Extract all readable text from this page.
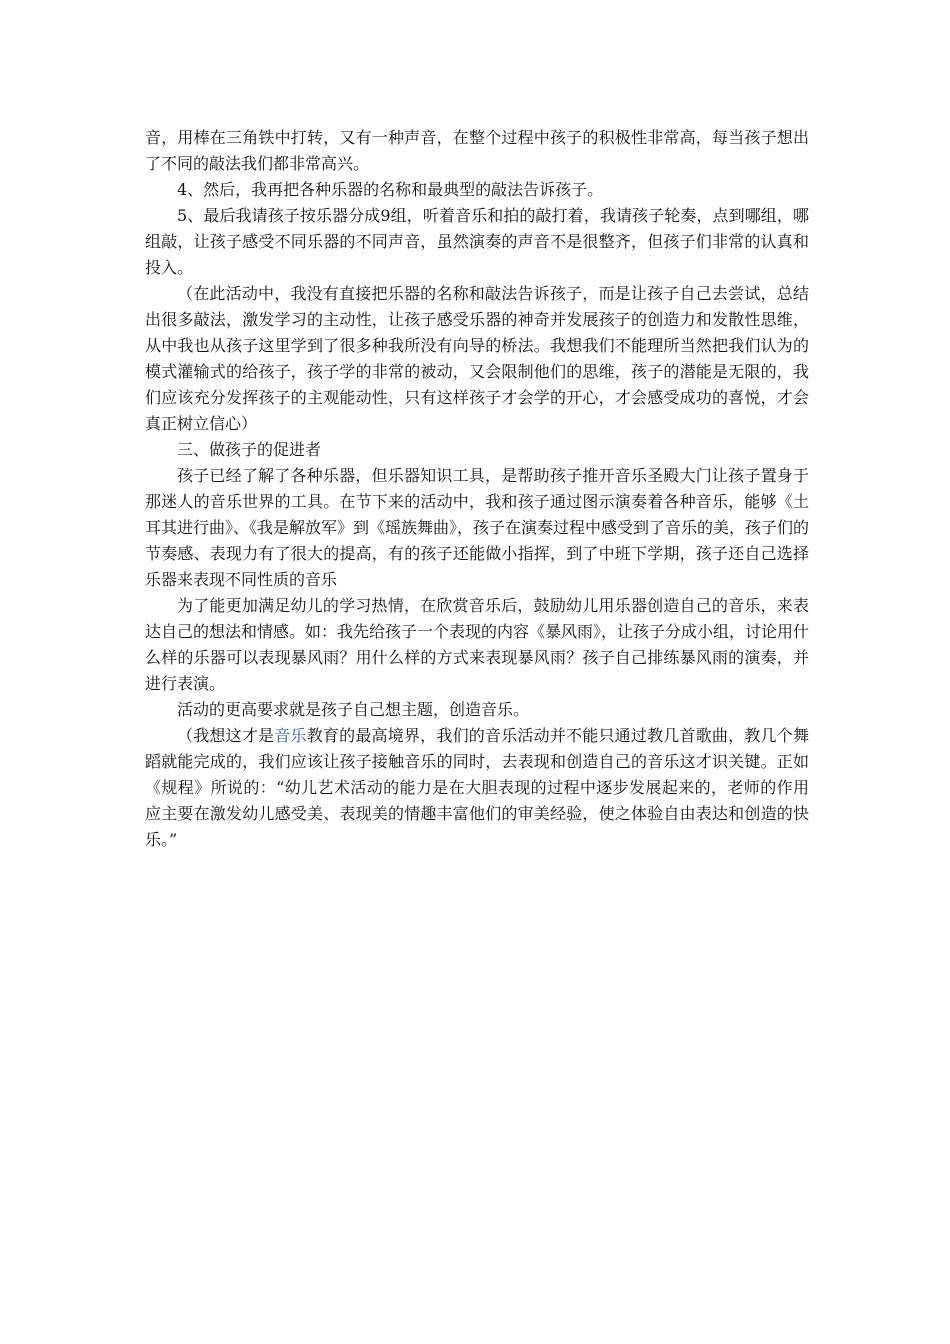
音，用棒在三角铁中打转，又有一种声音，在整个过程中孩子的积极性非常高，每当孩子想出了不同的敲法我们都非常高兴。

4、然后，我再把各种乐器的名称和最典型的敲法告诉孩子。

5、最后我请孩子按乐器分成9组，听着音乐和拍的敲打着，我请孩子轮奏，点到哪组，哪组敲，让孩子感受不同乐器的不同声音，虽然演奏的声音不是很整齐，但孩子们非常的认真和投入。

（在此活动中，我没有直接把乐器的名称和敲法告诉孩子，而是让孩子自己去尝试，总结出很多敲法，激发学习的主动性，让孩子感受乐器的神奇并发展孩子的创造力和发散性思维，从中我也从孩子这里学到了很多种我所没有向导的桥法。我想我们不能理所当然把我们认为的模式灌输式的给孩子，孩子学的非常的被动，又会限制他们的思维，孩子的潜能是无限的，我们应该充分发挥孩子的主观能动性，只有这样孩子才会学的开心，才会感受成功的喜悦，才会真正树立信心）

三、做孩子的促进者

孩子已经了解了各种乐器，但乐器知识工具，是帮助孩子推开音乐圣殿大门让孩子置身于那迷人的音乐世界的工具。在节下来的活动中，我和孩子通过图示演奏着各种音乐，能够《土耳其进行曲》、《我是解放军》到《瑶族舞曲》，孩子在演奏过程中感受到了音乐的美，孩子们的节奏感、表现力有了很大的提高，有的孩子还能做小指挥，到了中班下学期，孩子还自己选择乐器来表现不同性质的音乐

为了能更加满足幼儿的学习热情，在欣赏音乐后，鼓励幼儿用乐器创造自己的音乐，来表达自己的想法和情感。如：我先给孩子一个表现的内容《暴风雨》，让孩子分成小组，讨论用什么样的乐器可以表现暴风雨？用什么样的方式来表现暴风雨？孩子自己排练暴风雨的演奏，并进行表演。

活动的更高要求就是孩子自己想主题，创造音乐。

（我想这才是音乐教育的最高境界，我们的音乐活动并不能只通过教几首歌曲，教几个舞蹈就能完成的，我们应该让孩子接触音乐的同时，去表现和创造自己的音乐这才识关键。正如《规程》所说的：“幼儿艺术活动的能力是在大胆表现的过程中逐步发展起来的，老师的作用应主要在激发幼儿感受美、表现美的情趣丰富他们的审美经验，使之体验自由表达和创造的快乐。”
